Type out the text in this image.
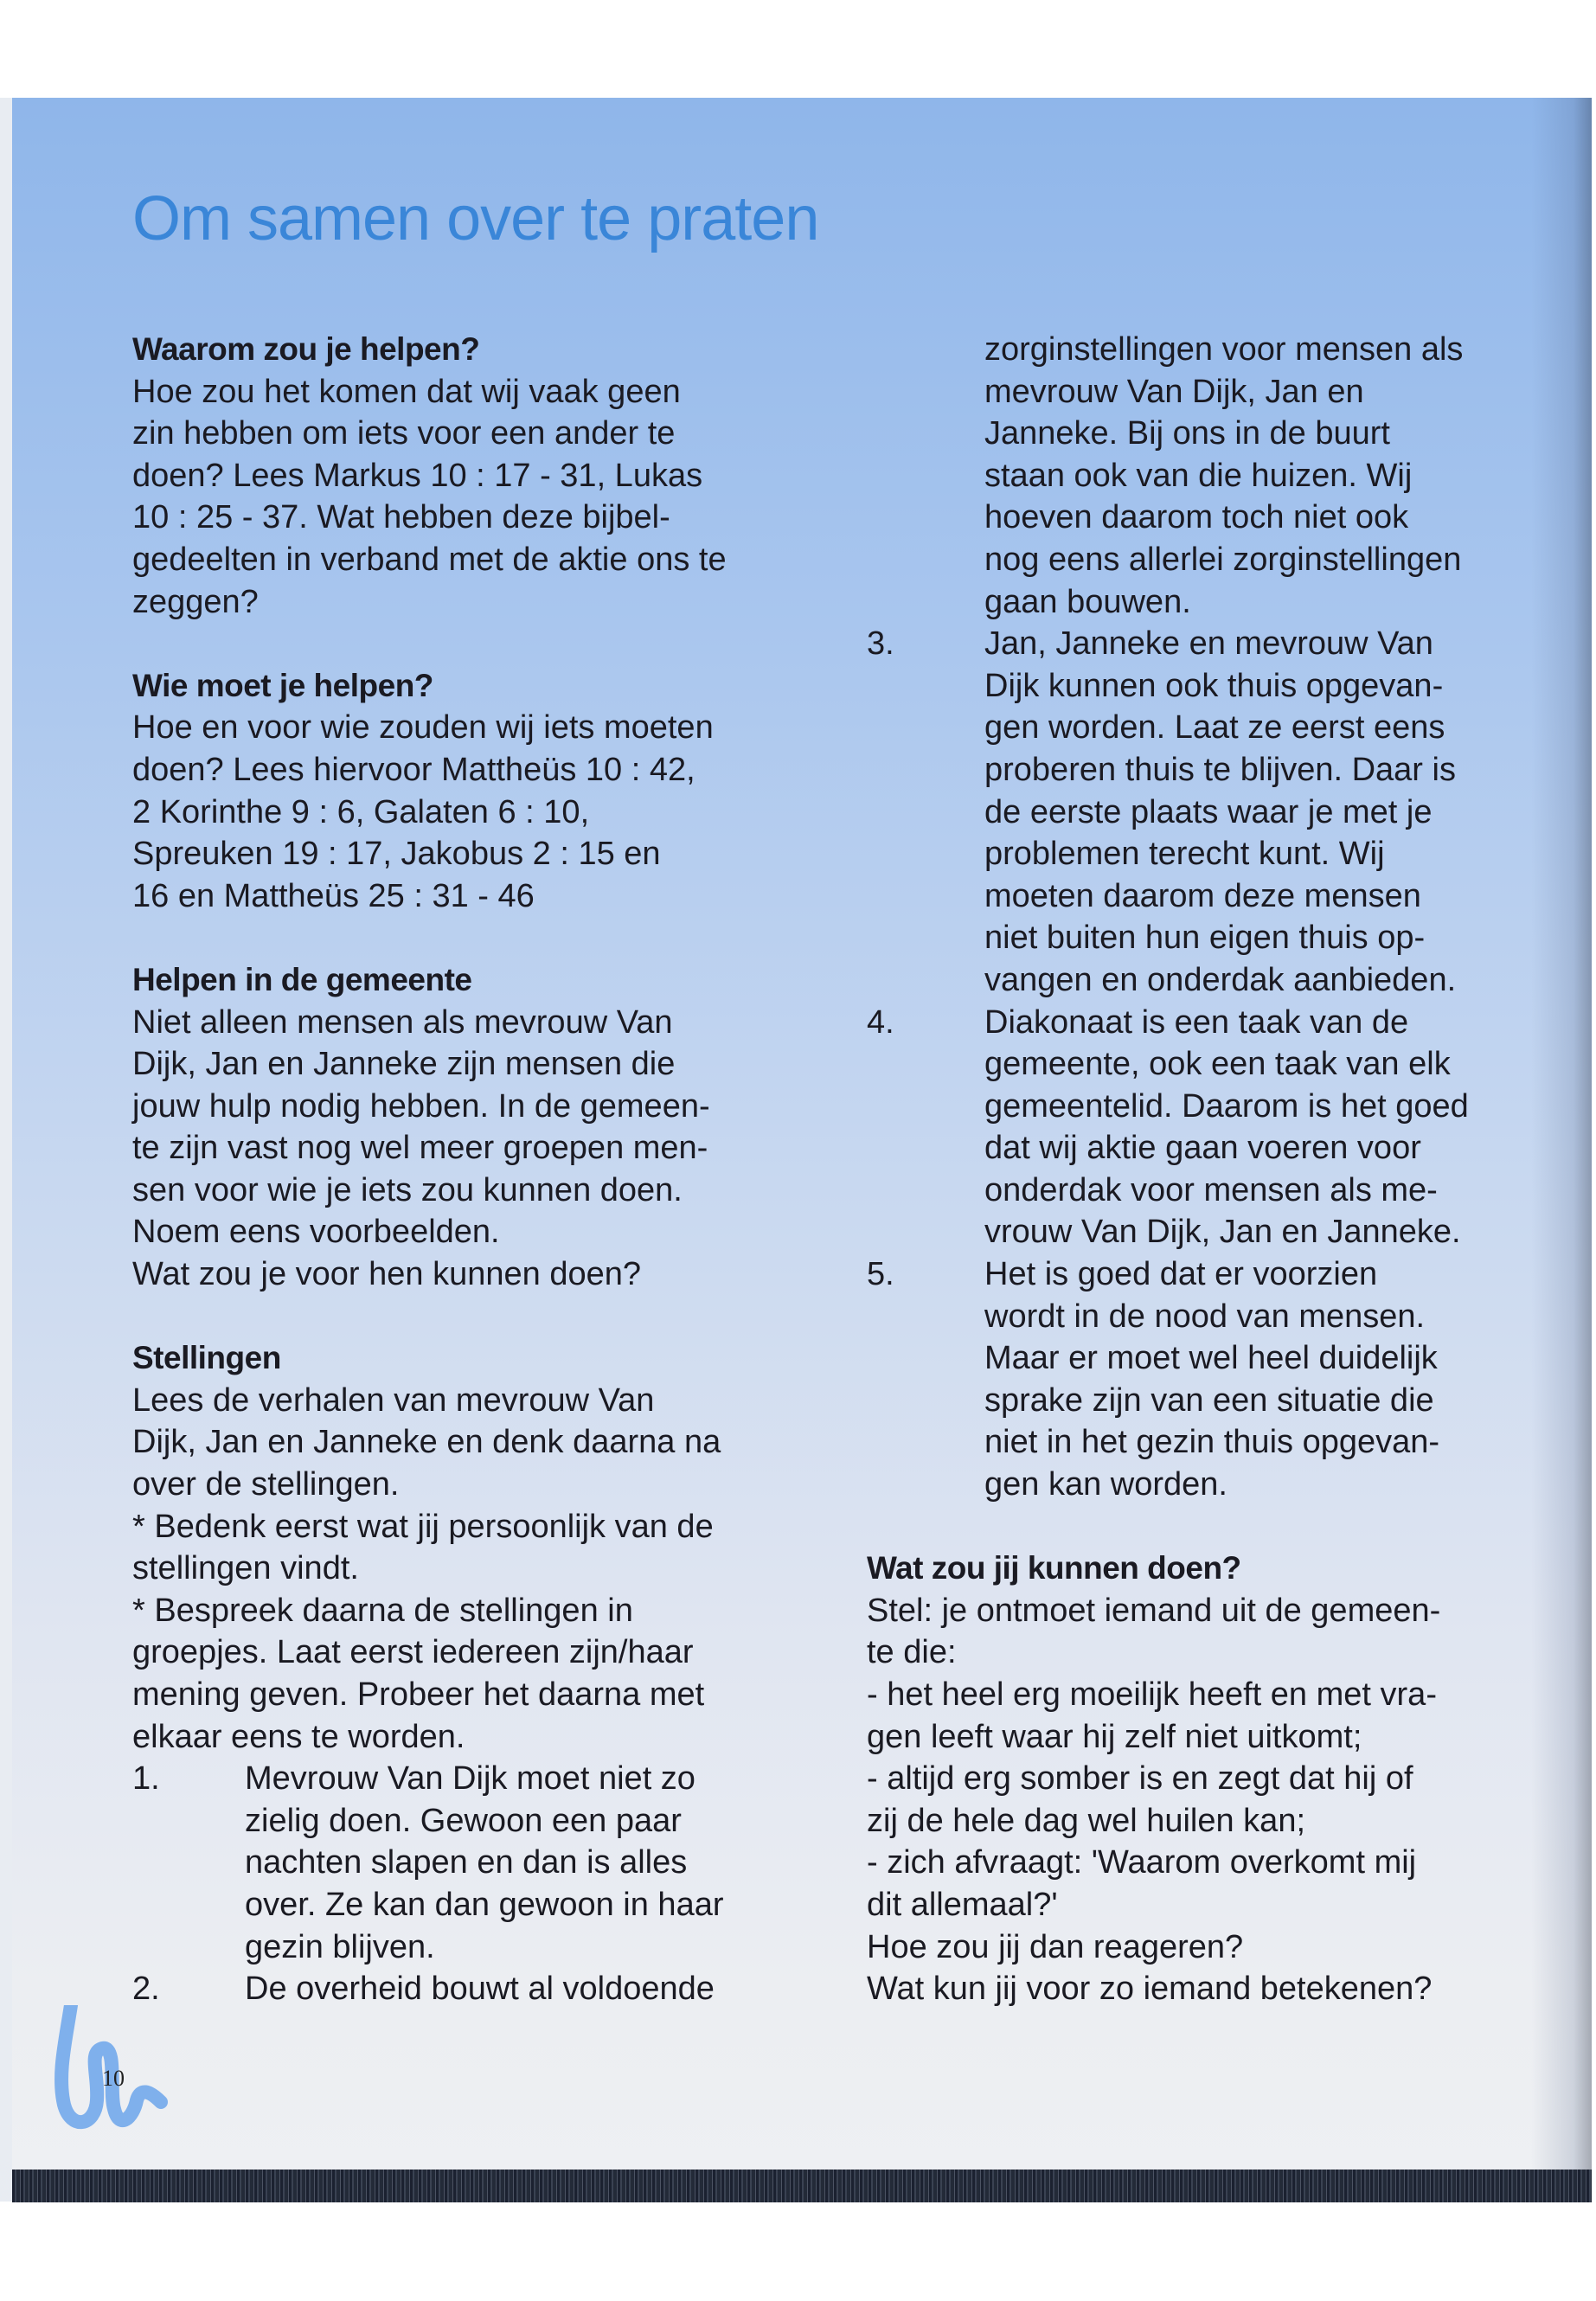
Om samen over te praten
Waarom zou je helpen?
Hoe zou het komen dat wij vaak geen
zin hebben om iets voor een ander te
doen? Lees Markus 10 : 17 - 31, Lukas
10 : 25 - 37. Wat hebben deze bijbel-
gedeelten in verband met de aktie ons te
zeggen?
Wie moet je helpen?
Hoe en voor wie zouden wij iets moeten
doen? Lees hiervoor Mattheüs 10 : 42,
2 Korinthe 9 : 6, Galaten 6 : 10,
Spreuken 19 : 17, Jakobus 2 : 15 en
16 en Mattheüs 25 : 31 - 46
Helpen in de gemeente
Niet alleen mensen als mevrouw Van
Dijk, Jan en Janneke zijn mensen die
jouw hulp nodig hebben. In de gemeen-
te zijn vast nog wel meer groepen men-
sen voor wie je iets zou kunnen doen.
Noem eens voorbeelden.
Wat zou je voor hen kunnen doen?
Stellingen
Lees de verhalen van mevrouw Van
Dijk, Jan en Janneke en denk daarna na
over de stellingen.
* Bedenk eerst wat jij persoonlijk van de
stellingen vindt.
* Bespreek daarna de stellingen in
groepjes. Laat eerst iedereen zijn/haar
mening geven. Probeer het daarna met
elkaar eens te worden.
1.	Mevrouw Van Dijk moet niet zo
zielig doen. Gewoon een paar
nachten slapen en dan is alles
over. Ze kan dan gewoon in haar
gezin blijven.
2.	De overheid bouwt al voldoende
zorginstellingen voor mensen als
mevrouw Van Dijk, Jan en
Janneke. Bij ons in de buurt
staan ook van die huizen. Wij
hoeven daarom toch niet ook
nog eens allerlei zorginstellingen
gaan bouwen.
3.	Jan, Janneke en mevrouw Van
Dijk kunnen ook thuis opgevan-
gen worden. Laat ze eerst eens
proberen thuis te blijven. Daar is
de eerste plaats waar je met je
problemen terecht kunt. Wij
moeten daarom deze mensen
niet buiten hun eigen thuis op-
vangen en onderdak aanbieden.
4.	Diakonaat is een taak van de
gemeente, ook een taak van elk
gemeentelid. Daarom is het goed
dat wij aktie gaan voeren voor
onderdak voor mensen als me-
vrouw Van Dijk, Jan en Janneke.
5.	Het is goed dat er voorzien
wordt in de nood van mensen.
Maar er moet wel heel duidelijk
sprake zijn van een situatie die
niet in het gezin thuis opgevan-
gen kan worden.
Wat zou jij kunnen doen?
Stel: je ontmoet iemand uit de gemeen-
te die:
- het heel erg moeilijk heeft en met vra-
gen leeft waar hij zelf niet uitkomt;
- altijd erg somber is en zegt dat hij of
zij de hele dag wel huilen kan;
- zich afvraagt: 'Waarom overkomt mij
dit allemaal?'
Hoe zou jij dan reageren?
Wat kun jij voor zo iemand betekenen?
10
